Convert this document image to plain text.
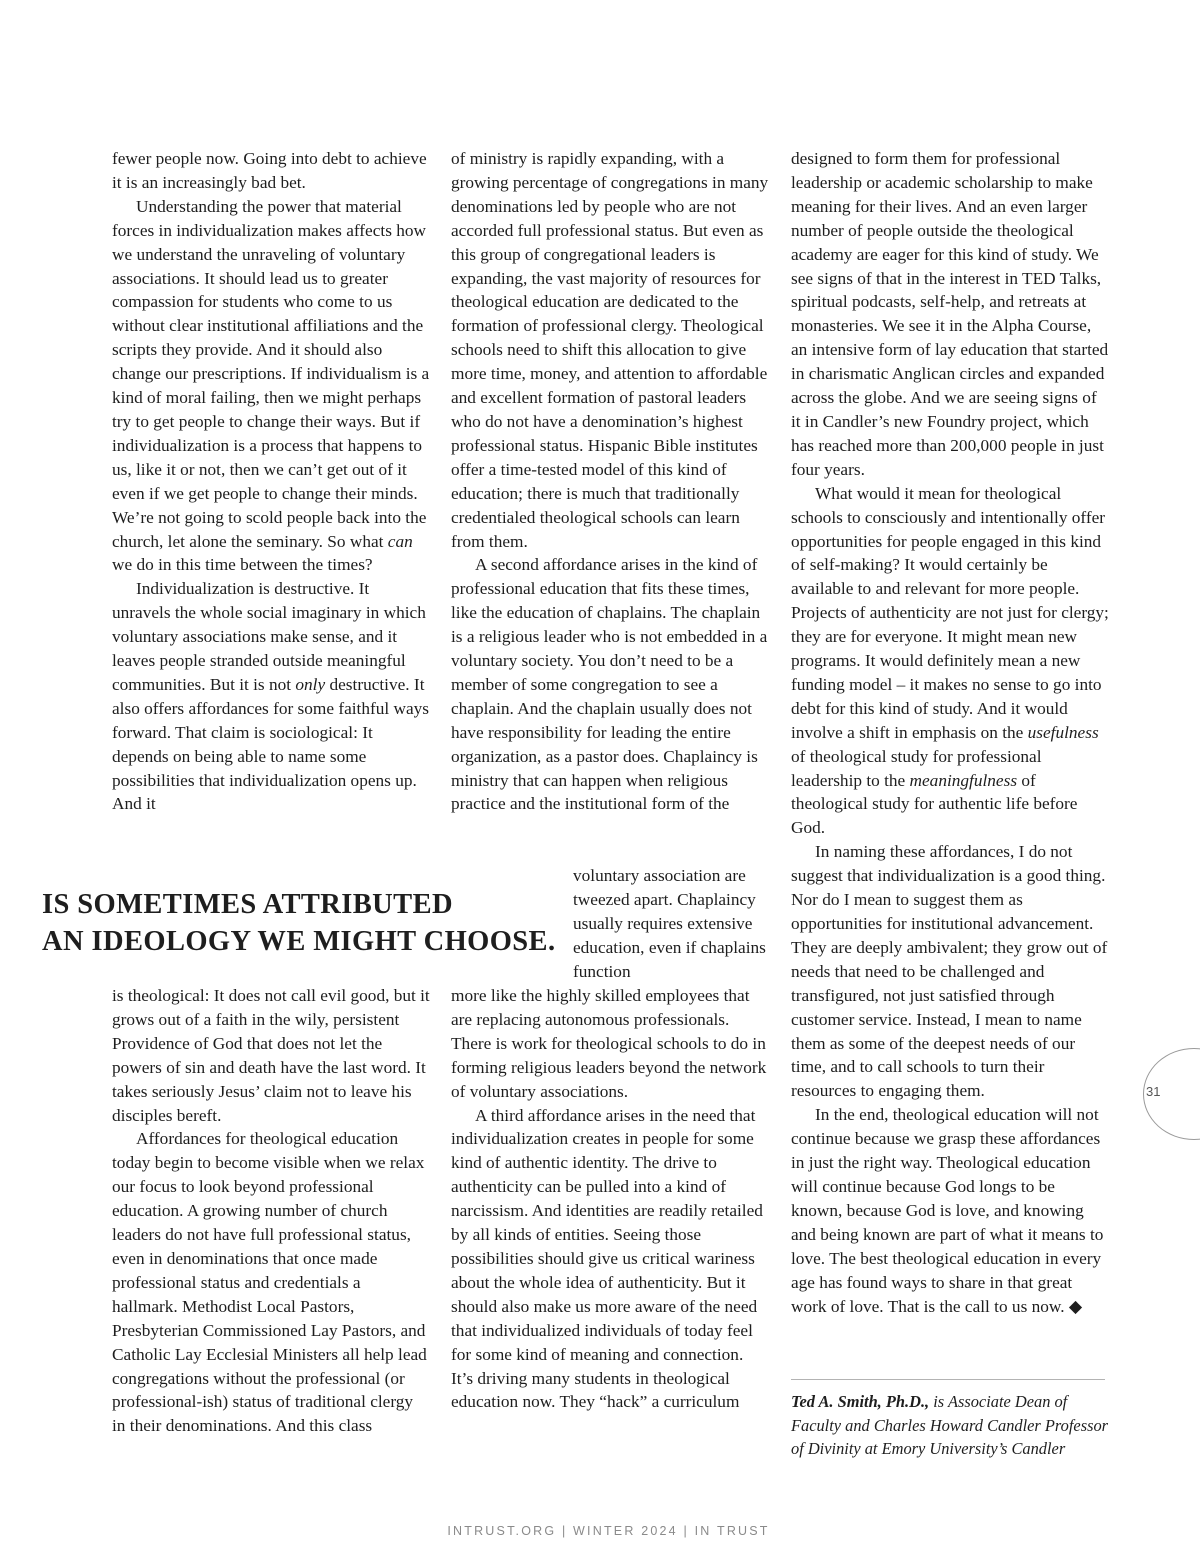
fewer people now. Going into debt to achieve it is an increasingly bad bet.

Understanding the power that material forces in individualization makes affects how we understand the unraveling of voluntary associations. It should lead us to greater compassion for students who come to us without clear institutional affiliations and the scripts they provide. And it should also change our prescriptions. If individualism is a kind of moral failing, then we might perhaps try to get people to change their ways. But if individualization is a process that happens to us, like it or not, then we can’t get out of it even if we get people to change their minds. We’re not going to scold people back into the church, let alone the seminary. So what can we do in this time between the times?

Individualization is destructive. It unravels the whole social imaginary in which voluntary associations make sense, and it leaves people stranded outside meaningful communities. But it is not only destructive. It also offers affordances for some faithful ways forward. That claim is sociological: It depends on being able to name some possibilities that individualization opens up. And it

is theological: It does not call evil good, but it grows out of a faith in the wily, persistent Providence of God that does not let the powers of sin and death have the last word. It takes seriously Jesus’ claim not to leave his disciples bereft.

Affordances for theological education today begin to become visible when we relax our focus to look beyond professional education. A growing number of church leaders do not have full professional status, even in denominations that once made professional status and credentials a hallmark. Methodist Local Pastors, Presbyterian Commissioned Lay Pastors, and Catholic Lay Ecclesial Ministers all help lead congregations without the professional (or professional-ish) status of traditional clergy in their denominations. And this class

of ministry is rapidly expanding, with a growing percentage of congregations in many denominations led by people who are not accorded full professional status. But even as this group of congregational leaders is expanding, the vast majority of resources for theological education are dedicated to the formation of professional clergy. Theological schools need to shift this allocation to give more time, money, and attention to affordable and excellent formation of pastoral leaders who do not have a denomination’s highest professional status. Hispanic Bible institutes offer a time-tested model of this kind of education; there is much that traditionally credentialed theological schools can learn from them.

A second affordance arises in the kind of professional education that fits these times, like the education of chaplains. The chaplain is a religious leader who is not embedded in a voluntary society. You don’t need to be a member of some congregation to see a chaplain. And the chaplain usually does not have responsibility for leading the entire organization, as a pastor does. Chaplaincy is ministry that can happen when religious practice and the institutional form of the

voluntary association are tweezed apart. Chaplaincy usually requires extensive education, even if chaplains function

more like the highly skilled employees that are replacing autonomous professionals. There is work for theological schools to do in forming religious leaders beyond the network of voluntary associations.

A third affordance arises in the need that individualization creates in people for some kind of authentic identity. The drive to authenticity can be pulled into a kind of narcissism. And identities are readily retailed by all kinds of entities. Seeing those possibilities should give us critical wariness about the whole idea of authenticity. But it should also make us more aware of the need that individualized individuals of today feel for some kind of meaning and connection. It’s driving many students in theological education now. They “hack” a curriculum

designed to form them for professional leadership or academic scholarship to make meaning for their lives. And an even larger number of people outside the theological academy are eager for this kind of study. We see signs of that in the interest in TED Talks, spiritual podcasts, self-help, and retreats at monasteries. We see it in the Alpha Course, an intensive form of lay education that started in charismatic Anglican circles and expanded across the globe. And we are seeing signs of it in Candler’s new Foundry project, which has reached more than 200,000 people in just four years.

What would it mean for theological schools to consciously and intentionally offer opportunities for people engaged in this kind of self-making? It would certainly be available to and relevant for more people. Projects of authenticity are not just for clergy; they are for everyone. It might mean new programs. It would definitely mean a new funding model – it makes no sense to go into debt for this kind of study. And it would involve a shift in emphasis on the usefulness of theological study for professional leadership to the meaningfulness of theological study for authentic life before God.

In naming these affordances, I do not suggest that individualization is a good thing. Nor do I mean to suggest them as opportunities for institutional advancement. They are deeply ambivalent; they grow out of needs that need to be challenged and transfigured, not just satisfied through customer service. Instead, I mean to name them as some of the deepest needs of our time, and to call schools to turn their resources to engaging them.

In the end, theological education will not continue because we grasp these affordances in just the right way. Theological education will continue because God longs to be known, because God is love, and knowing and being known are part of what it means to love. The best theological education in every age has found ways to share in that great work of love. That is the call to us now. ◆

IS SOMETIMES ATTRIBUTED
AN IDEOLOGY WE MIGHT CHOOSE.
Ted A. Smith, Ph.D., is Associate Dean of Faculty and Charles Howard Candler Professor of Divinity at Emory University’s Candler
31
INTRUST.ORG | WINTER 2024 | IN TRUST
